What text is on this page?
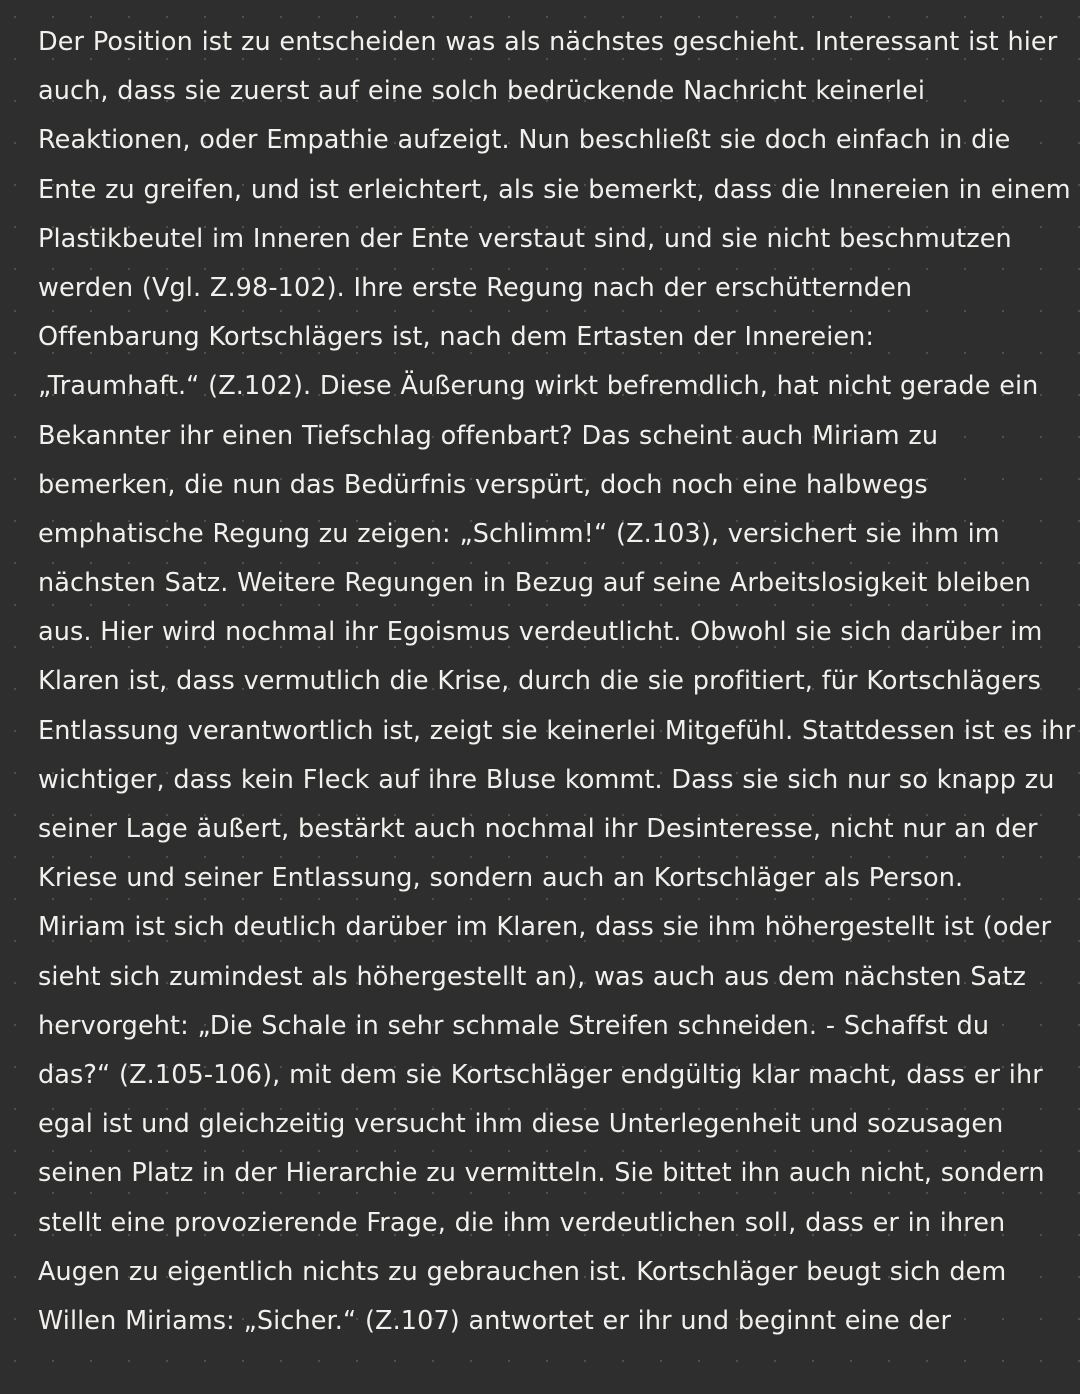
Der Position ist zu entscheiden was als nächstes geschieht. Interessant ist hier
auch, dass sie zuerst auf eine solch bedrückende Nachricht keinerlei
Reaktionen, oder Empathie aufzeigt. Nun beschließt sie doch einfach in die
Ente zu greifen, und ist erleichtert, als sie bemerkt, dass die Innereien in einem
Plastikbeutel im Inneren der Ente verstaut sind, und sie nicht beschmutzen
werden (Vgl. Z.98-102). Ihre erste Regung nach der erschütternden
Offenbarung Kortschlägers ist, nach dem Ertasten der Innereien:
„Traumhaft.“ (Z.102). Diese Äußerung wirkt befremdlich, hat nicht gerade ein
Bekannter ihr einen Tiefschlag offenbart? Das scheint auch Miriam zu
bemerken, die nun das Bedürfnis verspürt, doch noch eine halbwegs
emphatische Regung zu zeigen: „Schlimm!“ (Z.103), versichert sie ihm im
nächsten Satz. Weitere Regungen in Bezug auf seine Arbeitslosigkeit bleiben
aus. Hier wird nochmal ihr Egoismus verdeutlicht. Obwohl sie sich darüber im
Klaren ist, dass vermutlich die Krise, durch die sie profitiert, für Kortschlägers
Entlassung verantwortlich ist, zeigt sie keinerlei Mitgefühl. Stattdessen ist es ihr
wichtiger, dass kein Fleck auf ihre Bluse kommt. Dass sie sich nur so knapp zu
seiner Lage äußert, bestärkt auch nochmal ihr Desinteresse, nicht nur an der
Kriese und seiner Entlassung, sondern auch an Kortschläger als Person.
Miriam ist sich deutlich darüber im Klaren, dass sie ihm höhergestellt ist (oder
sieht sich zumindest als höhergestellt an), was auch aus dem nächsten Satz
hervorgeht: „Die Schale in sehr schmale Streifen schneiden. - Schaffst du
das?“ (Z.105-106), mit dem sie Kortschläger endgültig klar macht, dass er ihr
egal ist und gleichzeitig versucht ihm diese Unterlegenheit und sozusagen
seinen Platz in der Hierarchie zu vermitteln. Sie bittet ihn auch nicht, sondern
stellt eine provozierende Frage, die ihm verdeutlichen soll, dass er in ihren
Augen zu eigentlich nichts zu gebrauchen ist. Kortschläger beugt sich dem
Willen Miriams: „Sicher.“ (Z.107) antwortet er ihr und beginnt eine der
